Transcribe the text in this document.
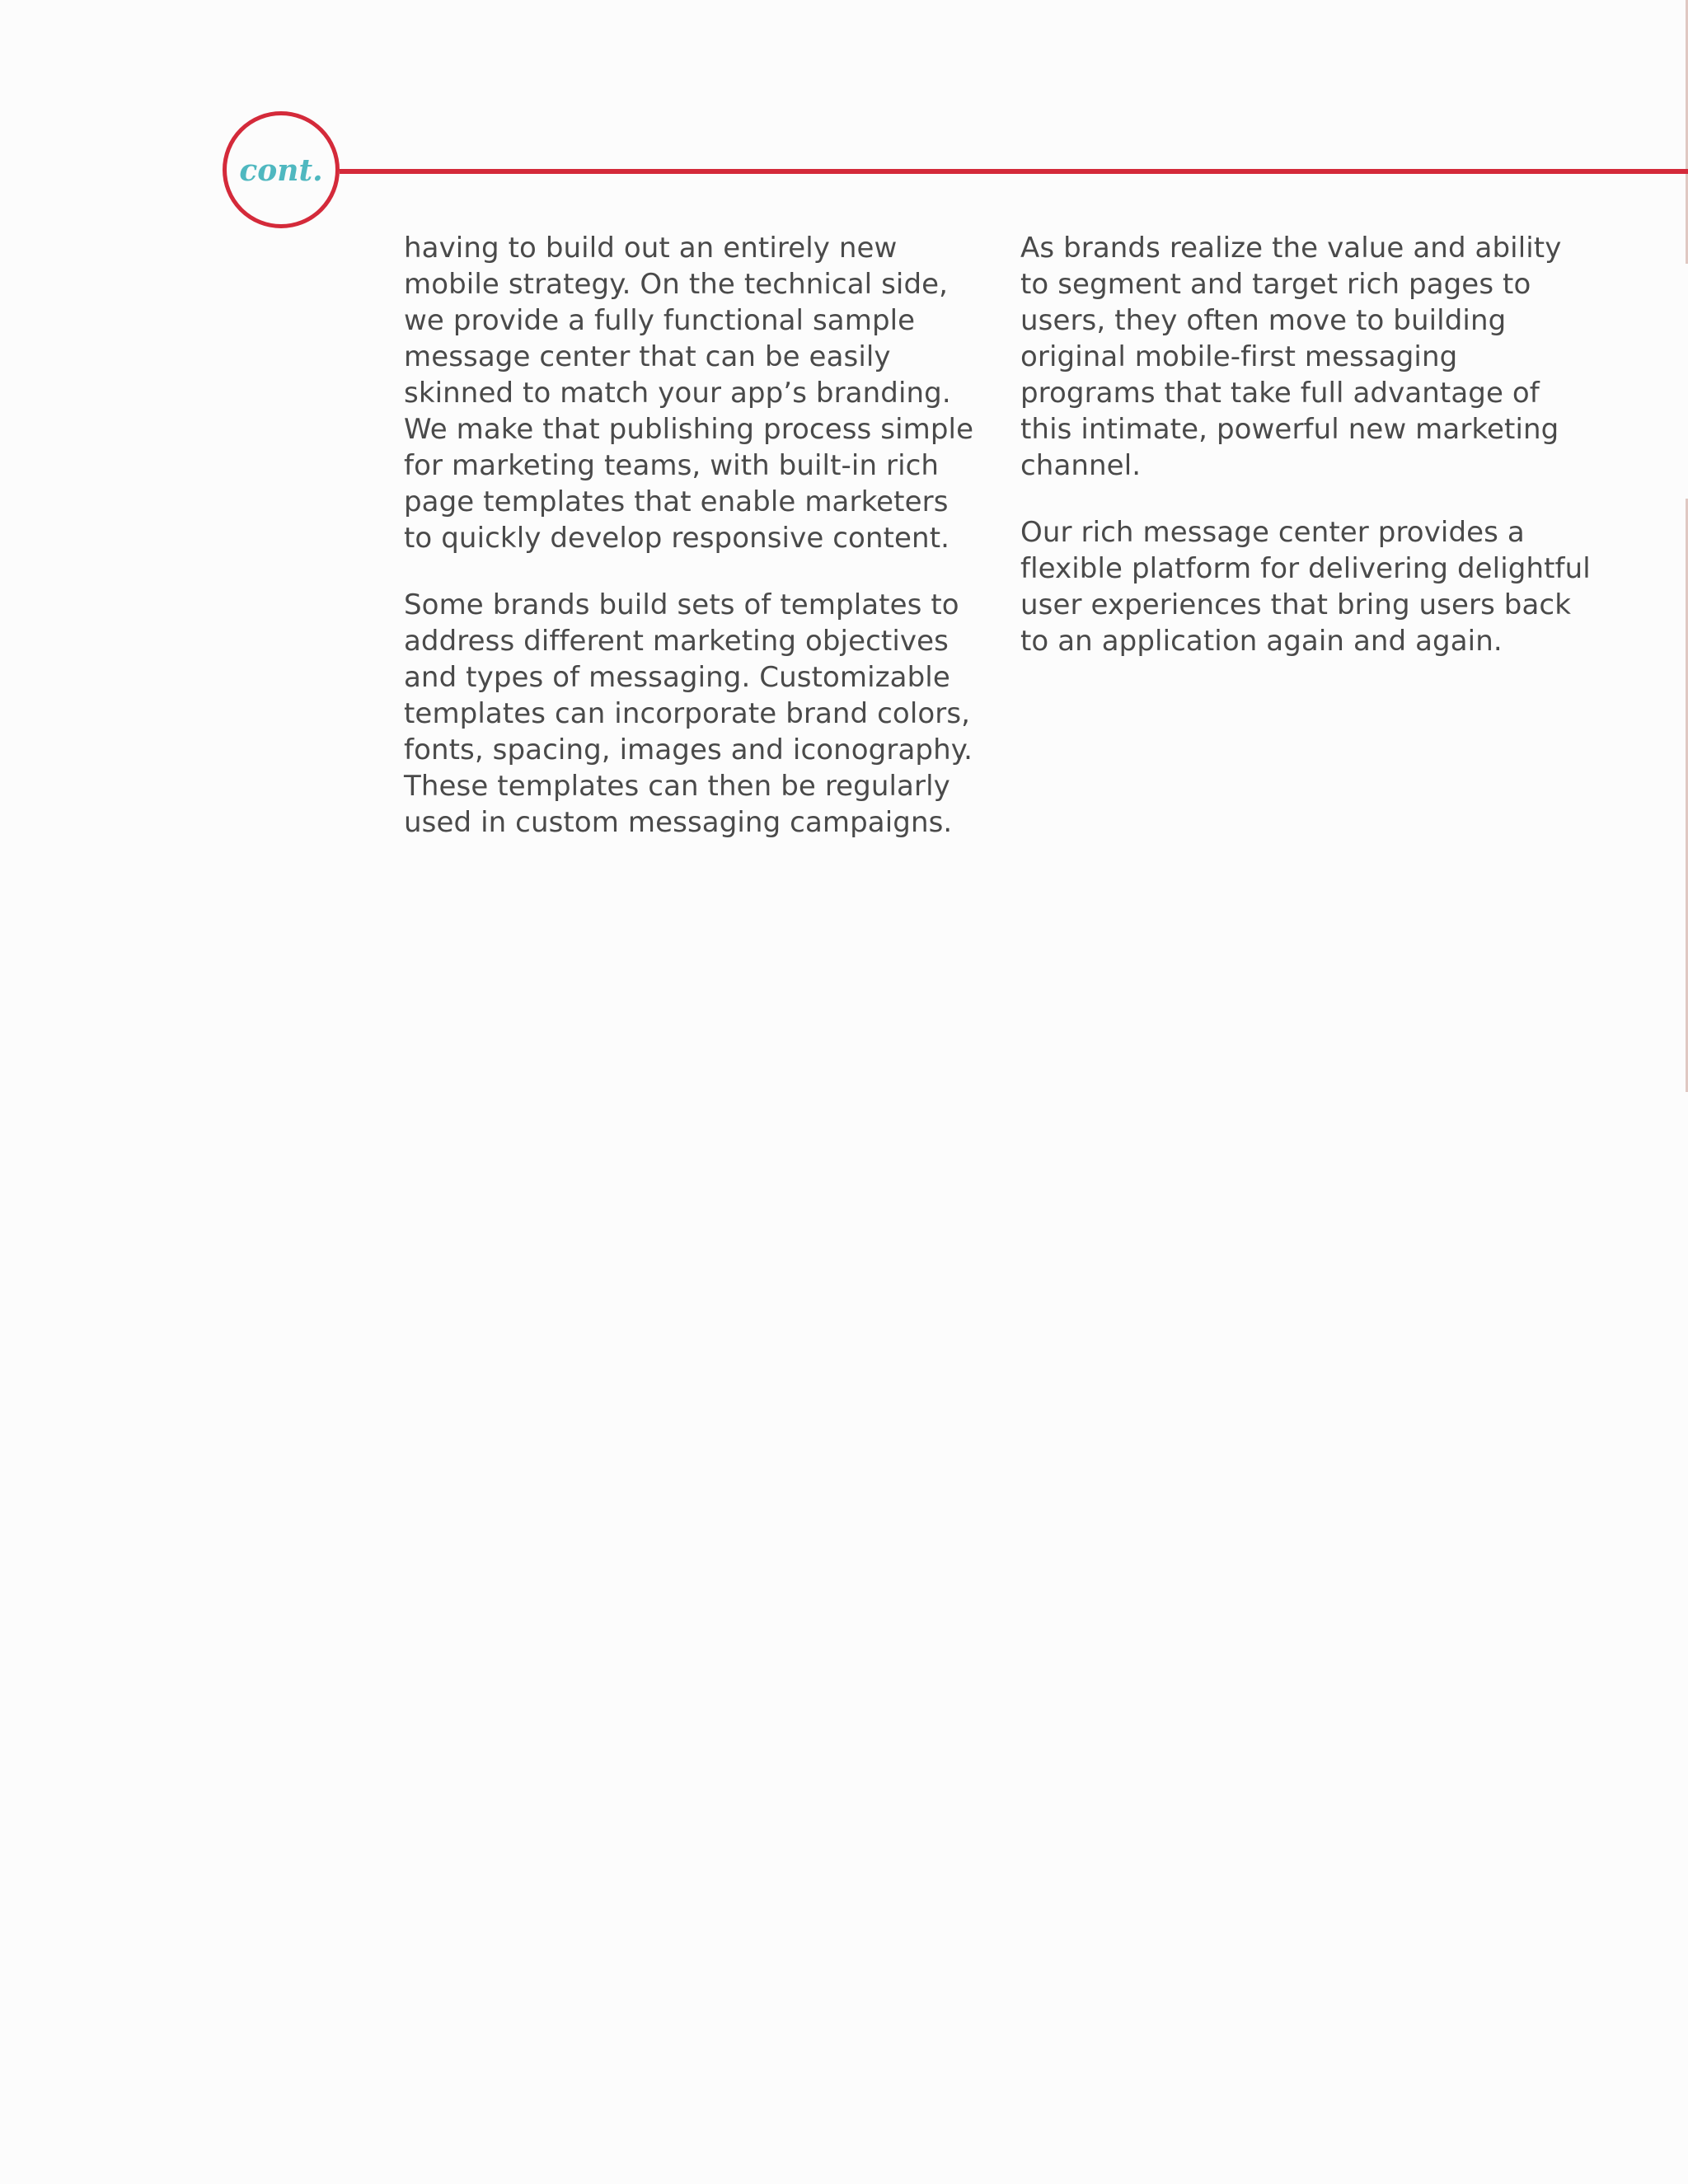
cont.

having to build out an entirely new mobile strategy. On the technical side, we provide a fully functional sample message center that can be easily skinned to match your app’s branding. We make that publishing process simple for marketing teams, with built-in rich page templates that enable marketers to quickly develop responsive content.

Some brands build sets of templates to address different marketing objectives and types of messaging. Customizable templates can incorporate brand colors, fonts, spacing, images and iconography. These templates can then be regularly used in custom messaging campaigns.

As brands realize the value and ability to segment and target rich pages to users, they often move to building original mobile-first messaging programs that take full advantage of this intimate, powerful new marketing channel.

Our rich message center provides a flexible platform for delivering delightful user experiences that bring users back to an application again and again.
